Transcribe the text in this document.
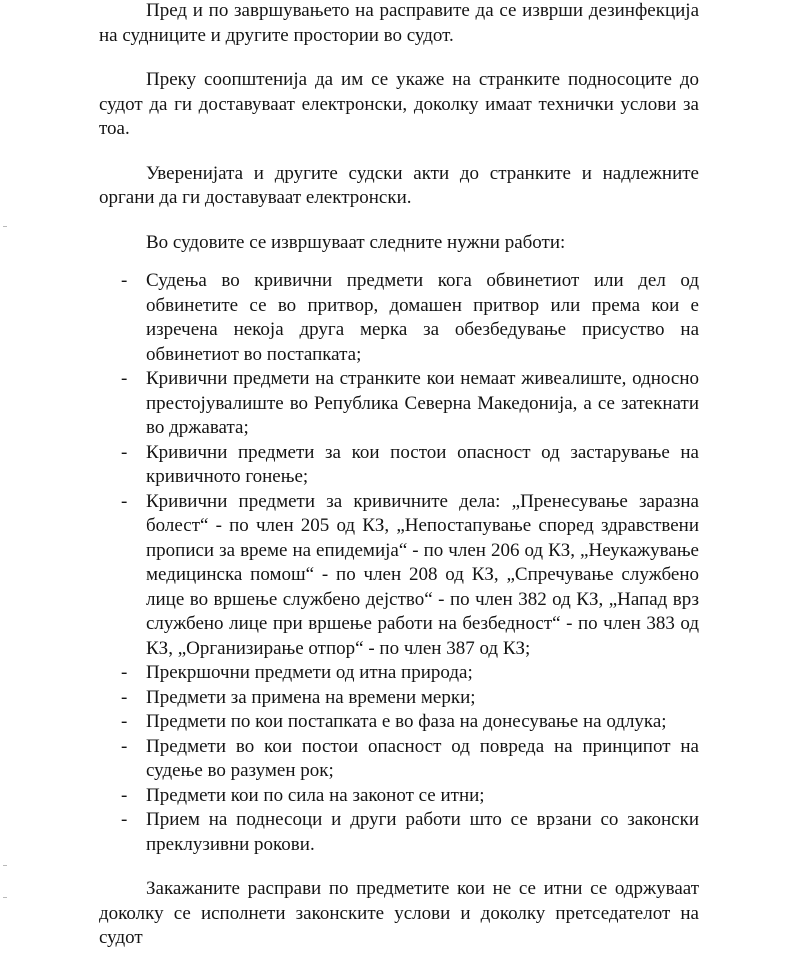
Пред и по завршувањето на расправите да се изврши дезинфекција на судниците и другите простории во судот.

Преку соопштенија да им се укаже на странките подносоците до судот да ги доставуваат електронски, доколку имаат технички услови за тоа.

Уверенијата и другите судски акти до странките и надлежните органи да ги доставуваат електронски.

Во судовите се извршуваат следните нужни работи:

- Судења во кривични предмети кога обвинетиот или дел од обвинетите се во притвор, домашен притвор или према кои е изречена некоја друга мерка за обезбедување присуство на обвинетиот во постапката;
- Кривични предмети на странките кои немаат живеалиште, односно престојувалиште во Република Северна Македонија, а се затекнати во државата;
- Кривични предмети за кои постои опасност од застарување на кривичното гонење;
- Кривични предмети за кривичните дела: „Пренесување заразна болест“ - по член 205 од КЗ, „Непостапување според здравствени прописи за време на епидемија“ - по член 206 од КЗ, „Неукажување медицинска помош“ - по член 208 од КЗ, „Спречување службено лице во вршење службено дејство“ - по член 382 од КЗ, „Напад врз службено лице при вршење работи на безбедност“ - по член 383 од КЗ, „Организирање отпор“ - по член 387 од КЗ;
- Прекршочни предмети од итна природа;
- Предмети за примена на времени мерки;
- Предмети по кои постапката е во фаза на донесување на одлука;
- Предмети во кои постои опасност од повреда на принципот на судење во разумен рок;
- Предмети кои по сила на законот се итни;
- Прием на поднесоци и други работи што се врзани со законски преклузивни рокови.

Закажаните расправи по предметите кои не се итни се одржуваат доколку се исполнети законските услови и доколку претседателот на судот
